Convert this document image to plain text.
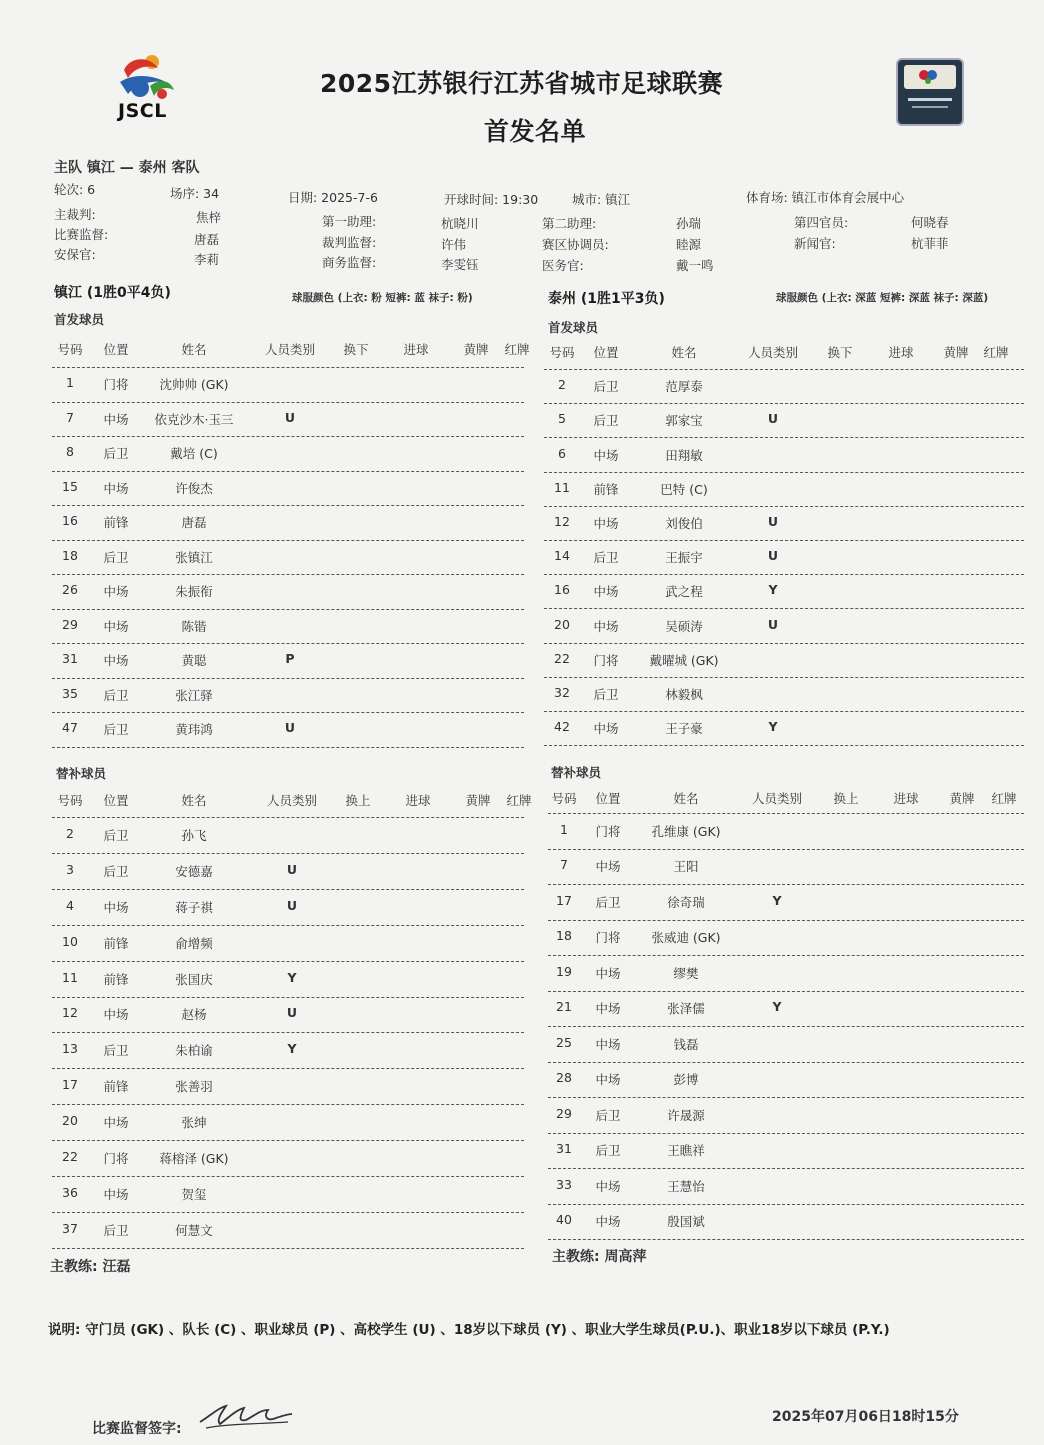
JSCL
2025江苏银行江苏省城市足球联赛
首发名单
主队 镇江 — 泰州 客队
轮次: 6	场序: 34	日期: 2025-7-6	开球时间: 19:30	城市: 镇江	体育场: 镇江市体育会展中心
主裁判:	焦梓
比赛监督:	唐磊
安保官:	李莉
第一助理:	杭晓川
裁判监督:	许伟
商务监督:	李雯钰
第二助理:	孙瑞
赛区协调员:	睦源
医务官:	戴一鸣
第四官员:	何晓春
新闻官:	杭菲菲
镇江 (1胜0平4负)	球服颜色 (上衣: 粉 短裤: 蓝 袜子: 粉)	泰州 (1胜1平3负)	球服颜色 (上衣: 深蓝 短裤: 深蓝 袜子: 深蓝)
首发球员
首发球员
替补球员	替补球员
号码 位置	姓名	人员类别 换下	进球	黄牌 红牌
1 门将 沈帅帅 (GK)
7 中场 依克沙木·玉三	U
8 后卫	戴培 (C)
15 中场	许俊杰
16 前锋	唐磊
18 后卫	张镇江
26 中场	朱振衔
29 中场	陈锴
31 中场	黄聪	P
35 后卫	张江驿
47 后卫	黄玮鸿	U
号码 位置	姓名	人员类别 换下	进球 黄牌 红牌
2 后卫	范厚泰
5 后卫	郭家宝	U
6 中场	田翔敏
11 前锋	巴特 (C)
12 中场	刘俊伯	U
14 后卫	王振宇	U
16 中场	武之程	Y
20 中场	吴硕涛	U
22 门将 戴曜城 (GK)
32 后卫	林毅枫
42 中场	王子豪	Y
号码 位置	姓名	人员类别 换上	进球	黄牌 红牌
2 后卫	孙飞
3 后卫	安德嘉	U
4 中场	蒋子祺	U
10 前锋	俞增频
11 前锋	张国庆	Y
12 中场	赵杨	U
13 后卫	朱柏谕	Y
17 前锋	张善羽
20 中场	张绅
22 门将 蒋榕泽 (GK)
36 中场	贺玺
37 后卫	何慧文
号码 位置	姓名	人员类别	换上	进球 黄牌 红牌
1 门将 孔维康 (GK)
7 中场	王阳
17 后卫	徐奇瑞	Y
18 门将 张威迪 (GK)
19 中场	缪樊
21 中场	张泽儒	Y
25 中场	钱磊
28 中场	彭博
29 后卫	许晟源
31 后卫	王瞧祥
33 中场	王慧怡
40 中场	殷国斌
主教练: 汪磊
主教练: 周高萍
说明: 守门员 (GK) 、队长 (C) 、职业球员 (P) 、高校学生 (U) 、18岁以下球员 (Y) 、职业大学生球员(P.U.)、职业18岁以下球员 (P.Y.)
比赛监督签字:
2025年07月06日18时15分
